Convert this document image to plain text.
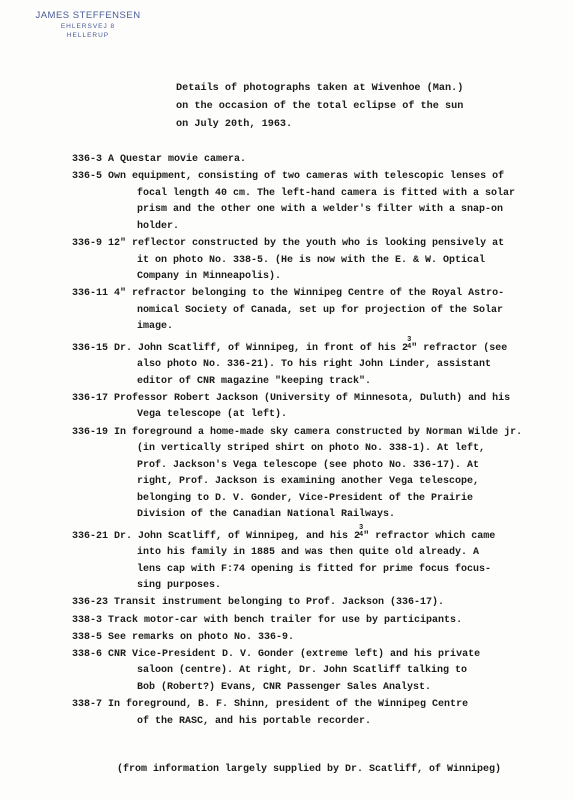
JAMES STEFFENSEN
EHLERSVEJ 8
HELLERUP
Details of photographs taken at Wivenhoe (Man.)
on the occasion of the total eclipse of the sun
on July 20th, 1963.
336-3 A Questar movie camera.
336-5 Own equipment, consisting of two cameras with telescopic lenses of
focal length 40 cm. The left-hand camera is fitted with a solar
prism and the other one with a welder's filter with a snap-on
holder.
336-9 12" reflector constructed by the youth who is looking pensively at
it on photo No. 338-5. (He is now with the E. & W. Optical
Company in Minneapolis).
336-11 4" refractor belonging to the Winnipeg Centre of the Royal Astro-
nomical Society of Canada, set up for projection of the Solar
image.
336-15 Dr. John Scatliff, of Winnipeg, in front of his 2
3
4 " refractor (see
also photo No. 336-21). To his right John Linder, assistant
editor of CNR magazine "keeping track".
336-17 Professor Robert Jackson (University of Minnesota, Duluth) and his
Vega telescope (at left).
336-19 In foreground a home-made sky camera constructed by Norman Wilde jr.
(in vertically striped shirt on photo No. 338-1). At left,
Prof. Jackson's Vega telescope (see photo No. 336-17). At
right, Prof. Jackson is examining another Vega telescope,
belonging to D. V. Gonder, Vice-President of the Prairie
Division of the Canadian National Railways.
336-21 Dr. John Scatliff, of Winnipeg, and his 2
3
4 " refractor which came
into his family in 1885 and was then quite old already. A
lens cap with F:74 opening is fitted for prime focus focus-
sing purposes.
336-23 Transit instrument belonging to Prof. Jackson (336-17).
338-3 Track motor-car with bench trailer for use by participants.
338-5 See remarks on photo No. 336-9.
338-6 CNR Vice-President D. V. Gonder (extreme left) and his private
saloon (centre). At right, Dr. John Scatliff talking to
Bob (Robert?) Evans, CNR Passenger Sales Analyst.
338-7 In foreground, B. F. Shinn, president of the Winnipeg Centre
of the RASC, and his portable recorder.
(from information largely supplied by Dr. Scatliff, of Winnipeg)
